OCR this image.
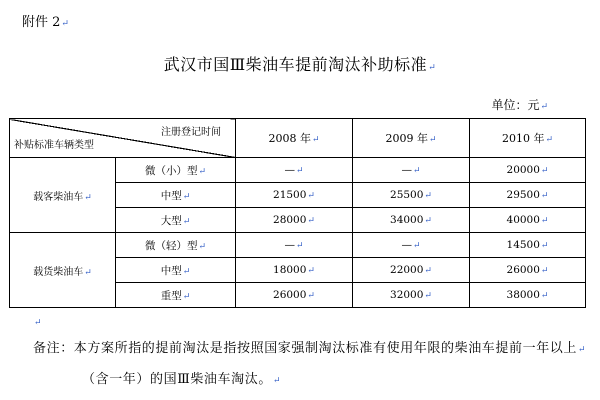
附件 2↵
武汉市国Ⅲ柴油车提前淘汰补助标准↵
单位：元↵
注册登记时间
补贴标准车辆类型		2008 年↵	2009 年↵	2010 年↵
载客柴油车↵	微（小）型↵	—↵	—↵	20000↵
	中型↵	21500↵	25500↵	29500↵
	大型↵	28000↵	34000↵	40000↵
载货柴油车↵	微（轻）型↵	—↵	—↵	14500↵
	中型↵	18000↵	22000↵	26000↵
	重型↵	26000↵	32000↵	38000↵
↵
备注：本方案所指的提前淘汰是指按照国家强制淘汰标准有使用年限的柴油车提前一年以上↵
（含一年）的国Ⅲ柴油车淘汰。↵
